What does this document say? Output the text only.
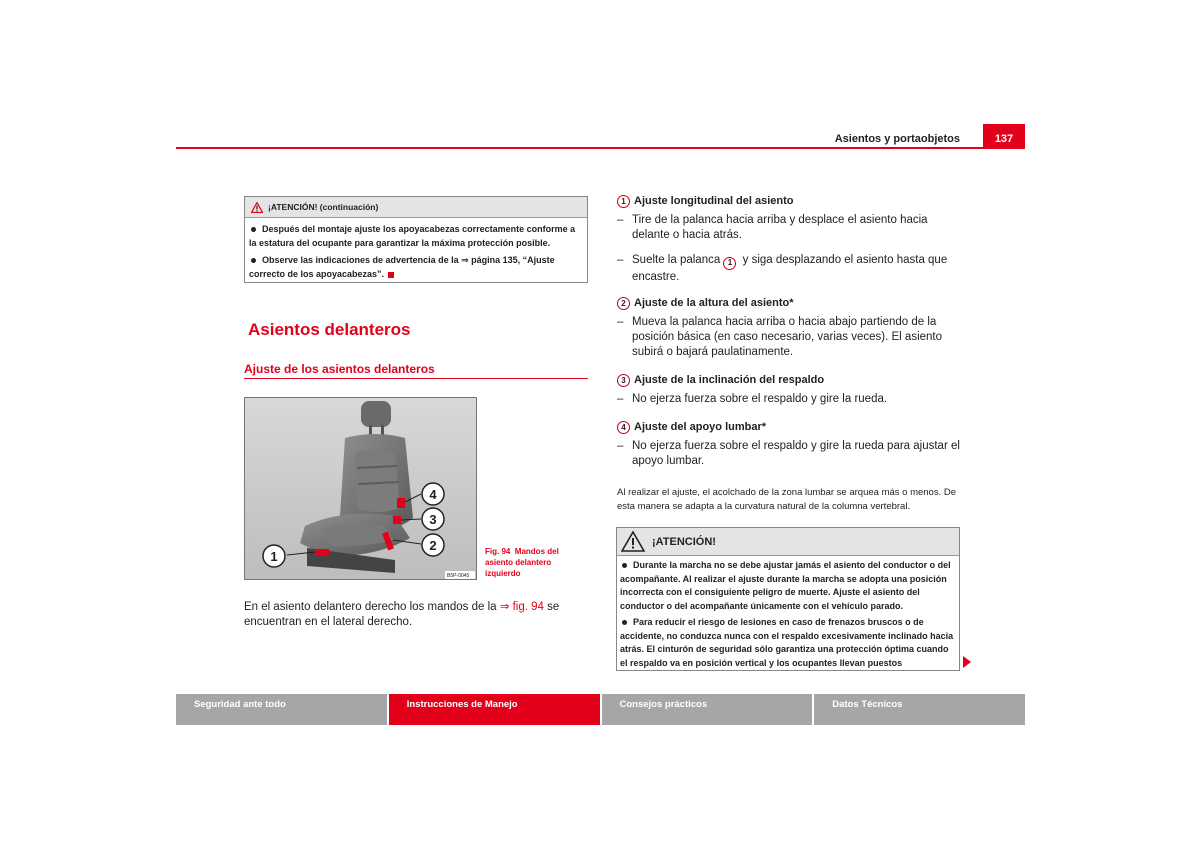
Asientos y portaobjetos	137
¡ATENCIÓN! (continuación)

Después del montaje ajuste los apoyacabezas correctamente conforme a la estatura del ocupante para garantizar la máxima protección posible.

Observe las indicaciones de advertencia de la ⇒ página 135, “Ajuste correcto de los apoyacabezas”.

Asientos delanteros
Ajuste de los asientos delanteros
1
2
3
4
B5P-0045
Fig. 94 Mandos del asiento delantero izquierdo
En el asiento delantero derecho los mandos de la ⇒ fig. 94 se encuentran en el lateral derecho.
1 Ajuste longitudinal del asiento
– Tire de la palanca hacia arriba y desplace el asiento hacia delante o hacia atrás.
– Suelte la palanca 1 y siga desplazando el asiento hasta que encastre.
2 Ajuste de la altura del asiento*
– Mueva la palanca hacia arriba o hacia abajo partiendo de la posición básica (en caso necesario, varias veces). El asiento subirá o bajará paulatinamente.
3 Ajuste de la inclinación del respaldo
– No ejerza fuerza sobre el respaldo y gire la rueda.
4 Ajuste del apoyo lumbar*
– No ejerza fuerza sobre el respaldo y gire la rueda para ajustar el apoyo lumbar.
Al realizar el ajuste, el acolchado de la zona lumbar se arquea más o menos. De esta manera se adapta a la curvatura natural de la columna vertebral.
¡ATENCIÓN!

Durante la marcha no se debe ajustar jamás el asiento del conductor o del acompañante. Al realizar el ajuste durante la marcha se adopta una posición incorrecta con el consiguiente peligro de muerte. Ajuste el asiento del conductor o del acompañante únicamente con el vehículo parado.

Para reducir el riesgo de lesiones en caso de frenazos bruscos o de accidente, no conduzca nunca con el respaldo excesivamente inclinado hacia atrás. El cinturón de seguridad sólo garantiza una protección óptima cuando el respaldo va en posición vertical y los ocupantes llevan puestos

Seguridad ante todo	Instrucciones de Manejo	Consejos prácticos	Datos Técnicos
